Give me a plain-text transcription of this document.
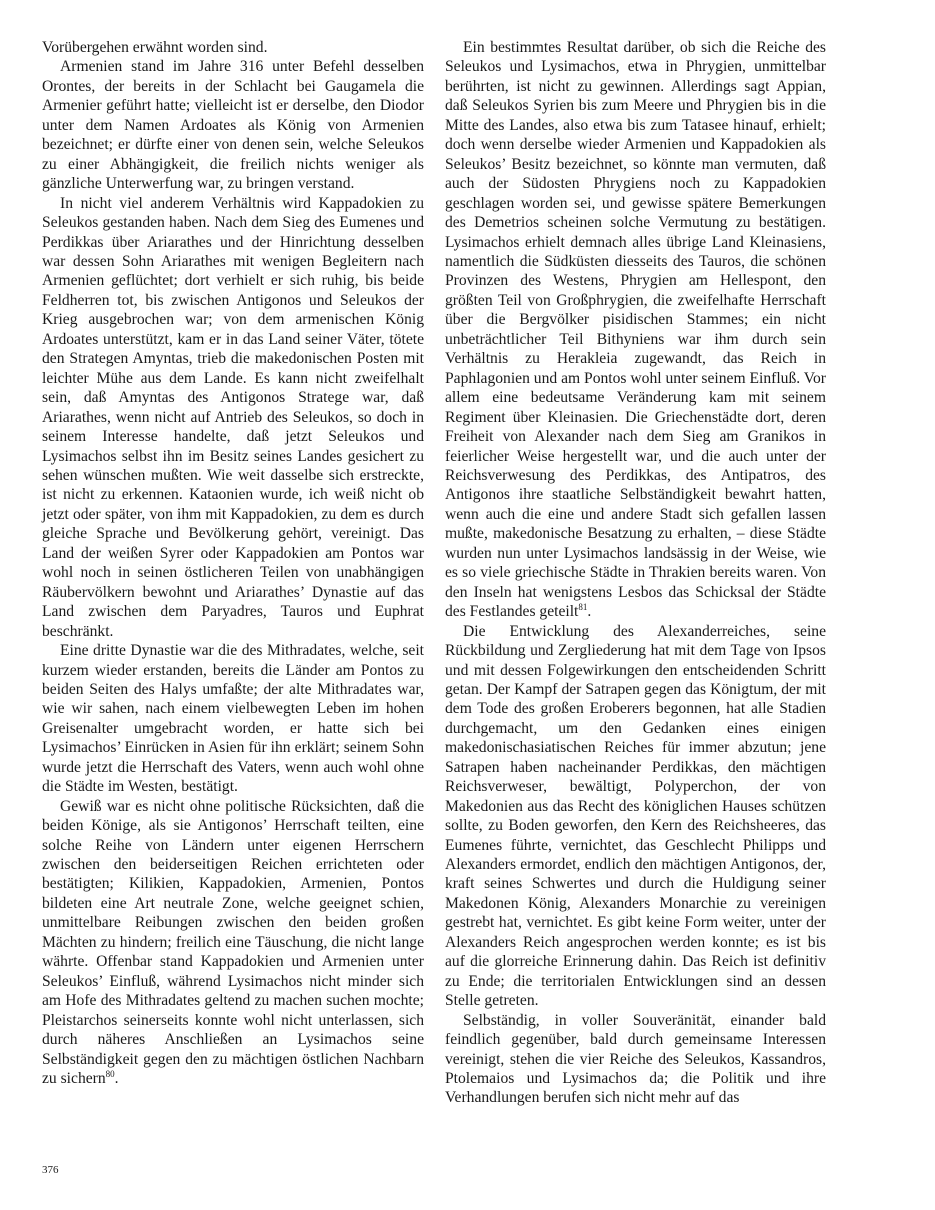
Vorübergehen erwähnt worden sind.

Armenien stand im Jahre 316 unter Befehl desselben Orontes, der bereits in der Schlacht bei Gaugamela die Armenier geführt hatte; vielleicht ist er derselbe, den Diodor unter dem Namen Ardoates als König von Armenien bezeichnet; er dürfte einer von denen sein, welche Seleukos zu einer Abhängigkeit, die freilich nichts weniger als gänzliche Unterwerfung war, zu bringen verstand.

In nicht viel anderem Verhältnis wird Kappadokien zu Seleukos gestanden haben. Nach dem Sieg des Eumenes und Perdikkas über Ariarathes und der Hinrichtung desselben war dessen Sohn Ariarathes mit wenigen Begleitern nach Armenien geflüchtet; dort verhielt er sich ruhig, bis beide Feldherren tot, bis zwischen Antigonos und Seleukos der Krieg ausgebrochen war; von dem armenischen König Ardoates unterstützt, kam er in das Land seiner Väter, tötete den Strategen Amyntas, trieb die makedonischen Posten mit leichter Mühe aus dem Lande. Es kann nicht zweifelhalt sein, daß Amyntas des Antigonos Stratege war, daß Ariarathes, wenn nicht auf Antrieb des Seleukos, so doch in seinem Interesse handelte, daß jetzt Seleukos und Lysimachos selbst ihn im Besitz seines Landes gesichert zu sehen wünschen mußten. Wie weit dasselbe sich erstreckte, ist nicht zu erkennen. Kataonien wurde, ich weiß nicht ob jetzt oder später, von ihm mit Kappadokien, zu dem es durch gleiche Sprache und Bevölkerung gehört, vereinigt. Das Land der weißen Syrer oder Kappadokien am Pontos war wohl noch in seinen östlicheren Teilen von unabhängigen Räubervölkern bewohnt und Ariarathes’ Dynastie auf das Land zwischen dem Paryadres, Tauros und Euphrat beschränkt.

Eine dritte Dynastie war die des Mithradates, welche, seit kurzem wieder erstanden, bereits die Länder am Pontos zu beiden Seiten des Halys umfaßte; der alte Mithradates war, wie wir sahen, nach einem vielbewegten Leben im hohen Greisenalter umgebracht worden, er hatte sich bei Lysimachos’ Einrücken in Asien für ihn erklärt; seinem Sohn wurde jetzt die Herrschaft des Vaters, wenn auch wohl ohne die Städte im Westen, bestätigt.

Gewiß war es nicht ohne politische Rücksichten, daß die beiden Könige, als sie Antigonos’ Herrschaft teilten, eine solche Reihe von Ländern unter eigenen Herrschern zwischen den beiderseitigen Reichen errichteten oder bestätigten; Kilikien, Kappadokien, Armenien, Pontos bildeten eine Art neutrale Zone, welche geeignet schien, unmittelbare Reibungen zwischen den beiden großen Mächten zu hindern; freilich eine Täuschung, die nicht lange währte. Offenbar stand Kappadokien und Armenien unter Seleukos’ Einfluß, während Lysimachos nicht minder sich am Hofe des Mithradates geltend zu machen suchen mochte; Pleistarchos seinerseits konnte wohl nicht unterlassen, sich durch näheres Anschließen an Lysimachos seine Selbständigkeit gegen den zu mächtigen östlichen Nachbarn zu sichern$^{80}$.

Ein bestimmtes Resultat darüber, ob sich die Reiche des Seleukos und Lysimachos, etwa in Phrygien, unmittelbar berührten, ist nicht zu gewinnen. Allerdings sagt Appian, daß Seleukos Syrien bis zum Meere und Phrygien bis in die Mitte des Landes, also etwa bis zum Tatasee hinauf, erhielt; doch wenn derselbe wieder Armenien und Kappadokien als Seleukos’ Besitz bezeichnet, so könnte man vermuten, daß auch der Südosten Phrygiens noch zu Kappadokien geschlagen worden sei, und gewisse spätere Bemerkungen des Demetrios scheinen solche Vermutung zu bestätigen. Lysimachos erhielt demnach alles übrige Land Kleinasiens, namentlich die Südküsten diesseits des Tauros, die schönen Provinzen des Westens, Phrygien am Hellespont, den größten Teil von Großphrygien, die zweifelhafte Herrschaft über die Bergvölker pisidischen Stammes; ein nicht unbeträchtlicher Teil Bithyniens war ihm durch sein Verhältnis zu Herakleia zugewandt, das Reich in Paphlagonien und am Pontos wohl unter seinem Einfluß. Vor allem eine bedeutsame Veränderung kam mit seinem Regiment über Kleinasien. Die Griechenstädte dort, deren Freiheit von Alexander nach dem Sieg am Granikos in feierlicher Weise hergestellt war, und die auch unter der Reichsverwesung des Perdikkas, des Antipatros, des Antigonos ihre staatliche Selbständigkeit bewahrt hatten, wenn auch die eine und andere Stadt sich gefallen lassen mußte, makedonische Besatzung zu erhalten, – diese Städte wurden nun unter Lysimachos landsässig in der Weise, wie es so viele griechische Städte in Thrakien bereits waren. Von den Inseln hat wenigstens Lesbos das Schicksal der Städte des Festlandes geteilt$^{81}$.

Die Entwicklung des Alexanderreiches, seine Rückbildung und Zergliederung hat mit dem Tage von Ipsos und mit dessen Folgewirkungen den entscheidenden Schritt getan. Der Kampf der Satrapen gegen das Königtum, der mit dem Tode des großen Eroberers begonnen, hat alle Stadien durchgemacht, um den Gedanken eines einigen makedonischasiatischen Reiches für immer abzutun; jene Satrapen haben nacheinander Perdikkas, den mächtigen Reichsverweser, bewältigt, Polyperchon, der von Makedonien aus das Recht des königlichen Hauses schützen sollte, zu Boden geworfen, den Kern des Reichsheeres, das Eumenes führte, vernichtet, das Geschlecht Philipps und Alexanders ermordet, endlich den mächtigen Antigonos, der, kraft seines Schwertes und durch die Huldigung seiner Makedonen König, Alexanders Monarchie zu vereinigen gestrebt hat, vernichtet. Es gibt keine Form weiter, unter der Alexanders Reich angesprochen werden konnte; es ist bis auf die glorreiche Erinnerung dahin. Das Reich ist definitiv zu Ende; die territorialen Entwicklungen sind an dessen Stelle getreten.

Selbständig, in voller Souveränität, einander bald feindlich gegenüber, bald durch gemeinsame Interessen vereinigt, stehen die vier Reiche des Seleukos, Kassandros, Ptolemaios und Lysimachos da; die Politik und ihre Verhandlungen berufen sich nicht mehr auf das

376
